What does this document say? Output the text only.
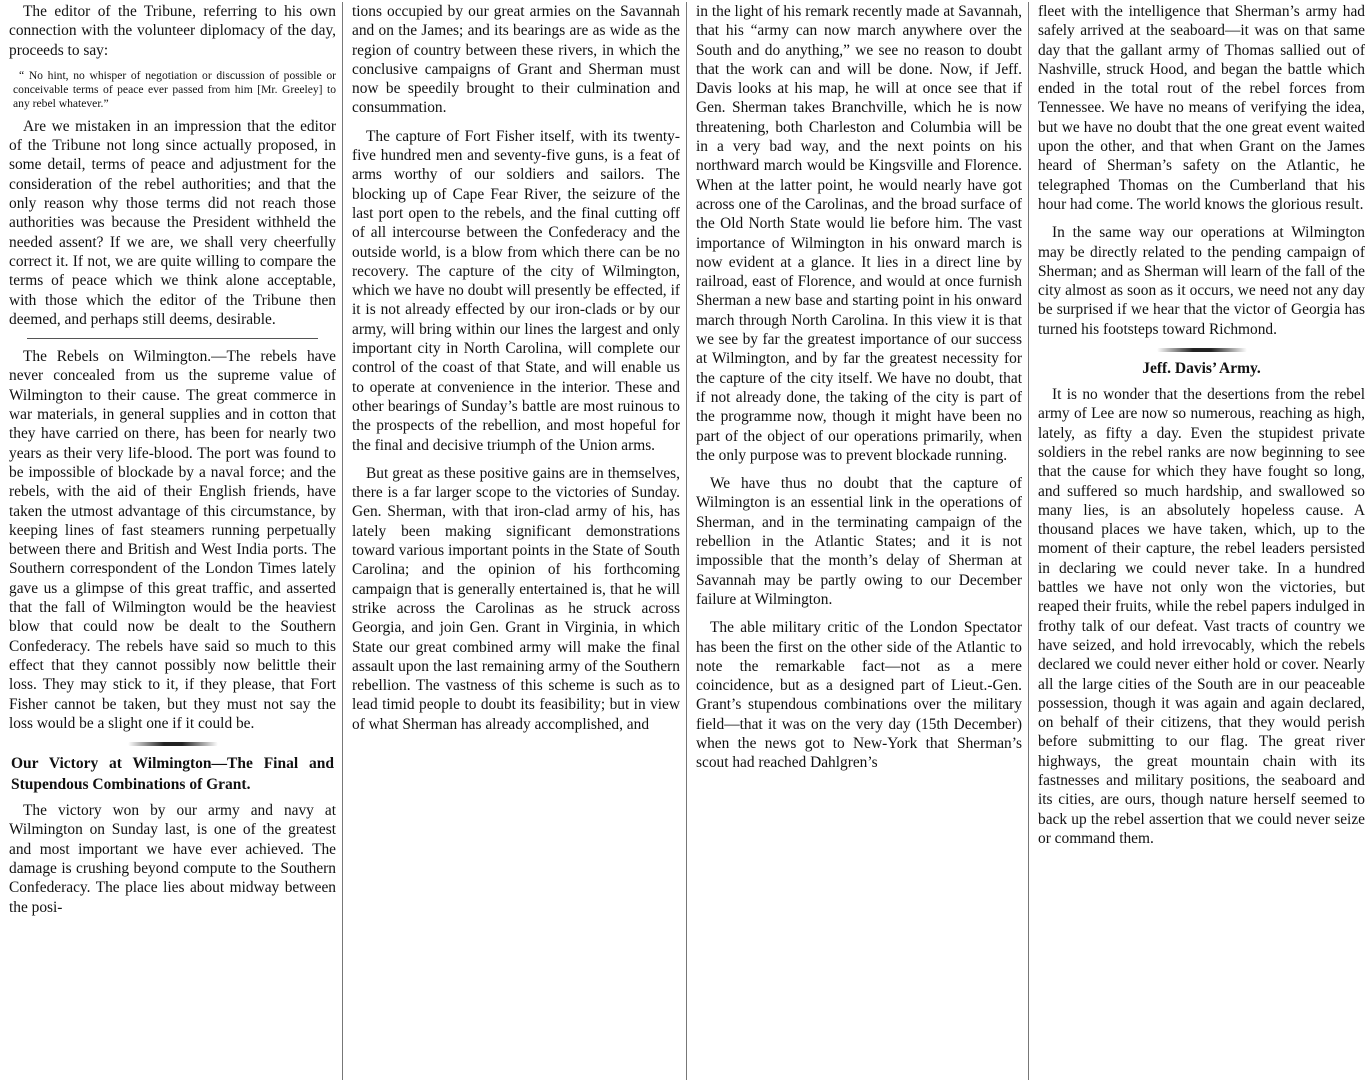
The editor of the Tribune, referring to his own connection with the volunteer diplomacy of the day, proceeds to say:

“ No hint, no whisper of negotiation or discussion of possible or conceivable terms of peace ever passed from him [Mr. Greeley] to any rebel whatever.”

Are we mistaken in an impression that the editor of the Tribune not long since actually proposed, in some detail, terms of peace and adjustment for the consideration of the rebel authorities; and that the only reason why those terms did not reach those authorities was because the President withheld the needed assent? If we are, we shall very cheerfully correct it. If not, we are quite willing to compare the terms of peace which we think alone acceptable, with those which the editor of the Tribune then deemed, and perhaps still deems, desirable.

The Rebels on Wilmington.—The rebels have never concealed from us the supreme value of Wilmington to their cause. The great commerce in war materials, in general supplies and in cotton that they have carried on there, has been for nearly two years as their very life-blood. The port was found to be impossible of blockade by a naval force; and the rebels, with the aid of their English friends, have taken the utmost advantage of this circumstance, by keeping lines of fast steamers running perpetually between there and British and West India ports. The Southern correspondent of the London Times lately gave us a glimpse of this great traffic, and asserted that the fall of Wilmington would be the heaviest blow that could now be dealt to the Southern Confederacy. The rebels have said so much to this effect that they cannot possibly now belittle their loss. They may stick to it, if they please, that Fort Fisher cannot be taken, but they must not say the loss would be a slight one if it could be.

Our Victory at Wilmington—The Final and Stupendous Combinations of Grant.

The victory won by our army and navy at Wilmington on Sunday last, is one of the greatest and most important we have ever achieved. The damage is crushing beyond compute to the Southern Confederacy. The place lies about midway between the posi-

tions occupied by our great armies on the Savannah and on the James; and its bearings are as wide as the region of country between these rivers, in which the conclusive campaigns of Grant and Sherman must now be speedily brought to their culmination and consummation.

The capture of Fort Fisher itself, with its twenty-five hundred men and seventy-five guns, is a feat of arms worthy of our soldiers and sailors. The blocking up of Cape Fear River, the seizure of the last port open to the rebels, and the final cutting off of all intercourse between the Confederacy and the outside world, is a blow from which there can be no recovery. The capture of the city of Wilmington, which we have no doubt will presently be effected, if it is not already effected by our iron-clads or by our army, will bring within our lines the largest and only important city in North Carolina, will complete our control of the coast of that State, and will enable us to operate at convenience in the interior. These and other bearings of Sunday’s battle are most ruinous to the prospects of the rebellion, and most hopeful for the final and decisive triumph of the Union arms.

But great as these positive gains are in themselves, there is a far larger scope to the victories of Sunday. Gen. Sherman, with that iron-clad army of his, has lately been making significant demonstrations toward various important points in the State of South Carolina; and the opinion of his forthcoming campaign that is generally entertained is, that he will strike across the Carolinas as he struck across Georgia, and join Gen. Grant in Virginia, in which State our great combined army will make the final assault upon the last remaining army of the Southern rebellion. The vastness of this scheme is such as to lead timid people to doubt its feasibility; but in view of what Sherman has already accomplished, and

in the light of his remark recently made at Savannah, that his “army can now march anywhere over the South and do anything,” we see no reason to doubt that the work can and will be done. Now, if Jeff. Davis looks at his map, he will at once see that if Gen. Sherman takes Branchville, which he is now threatening, both Charleston and Columbia will be in a very bad way, and the next points on his northward march would be Kingsville and Florence. When at the latter point, he would nearly have got across one of the Carolinas, and the broad surface of the Old North State would lie before him. The vast importance of Wilmington in his onward march is now evident at a glance. It lies in a direct line by railroad, east of Florence, and would at once furnish Sherman a new base and starting point in his onward march through North Carolina. In this view it is that we see by far the greatest importance of our success at Wilmington, and by far the greatest necessity for the capture of the city itself. We have no doubt, that if not already done, the taking of the city is part of the programme now, though it might have been no part of the object of our operations primarily, when the only purpose was to prevent blockade running.

We have thus no doubt that the capture of Wilmington is an essential link in the operations of Sherman, and in the terminating campaign of the rebellion in the Atlantic States; and it is not impossible that the month’s delay of Sherman at Savannah may be partly owing to our December failure at Wilmington.

The able military critic of the London Spectator has been the first on the other side of the Atlantic to note the remarkable fact—not as a mere coincidence, but as a designed part of Lieut.-Gen. Grant’s stupendous combinations over the military field—that it was on the very day (15th December) when the news got to New-York that Sherman’s scout had reached Dahlgren’s

fleet with the intelligence that Sherman’s army had safely arrived at the seaboard—it was on that same day that the gallant army of Thomas sallied out of Nashville, struck Hood, and began the battle which ended in the total rout of the rebel forces from Tennessee. We have no means of verifying the idea, but we have no doubt that the one great event waited upon the other, and that when Grant on the James heard of Sherman’s safety on the Atlantic, he telegraphed Thomas on the Cumberland that his hour had come. The world knows the glorious result.

In the same way our operations at Wilmington may be directly related to the pending campaign of Sherman; and as Sherman will learn of the fall of the city almost as soon as it occurs, we need not any day be surprised if we hear that the victor of Georgia has turned his footsteps toward Richmond.

Jeff. Davis’ Army.

It is no wonder that the desertions from the rebel army of Lee are now so numerous, reaching as high, lately, as fifty a day. Even the stupidest private soldiers in the rebel ranks are now beginning to see that the cause for which they have fought so long, and suffered so much hardship, and swallowed so many lies, is an absolutely hopeless cause. A thousand places we have taken, which, up to the moment of their capture, the rebel leaders persisted in declaring we could never take. In a hundred battles we have not only won the victories, but reaped their fruits, while the rebel papers indulged in frothy talk of our defeat. Vast tracts of country we have seized, and hold irrevocably, which the rebels declared we could never either hold or cover. Nearly all the large cities of the South are in our peaceable possession, though it was again and again declared, on behalf of their citizens, that they would perish before submitting to our flag. The great river highways, the great mountain chain with its fastnesses and military positions, the seaboard and its cities, are ours, though nature herself seemed to back up the rebel assertion that we could never seize or command them.
